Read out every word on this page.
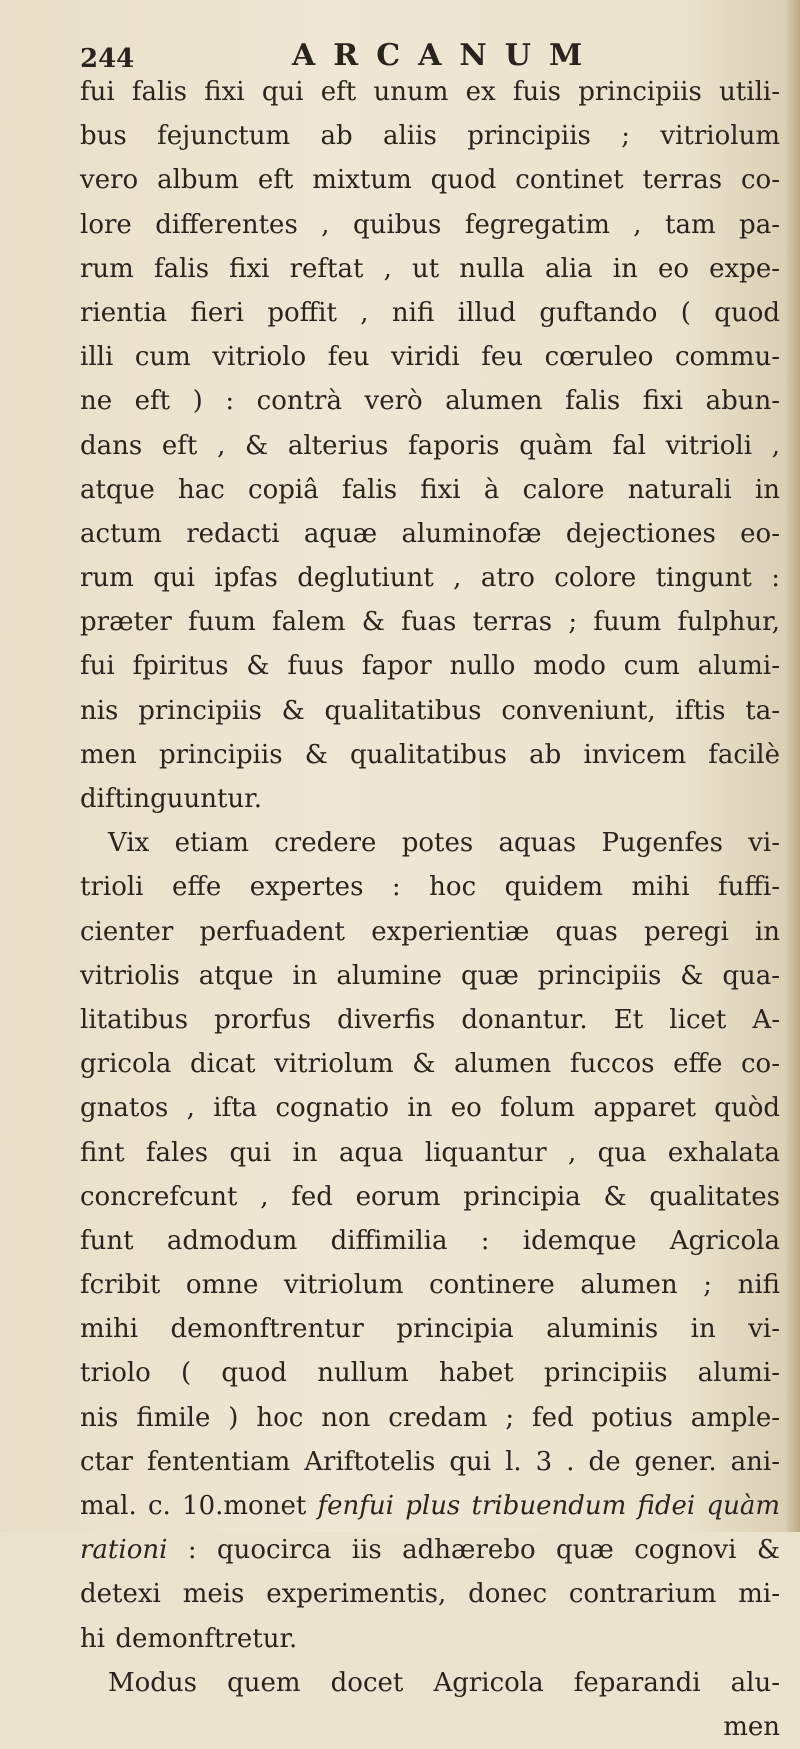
244	ARCANUM
fui falis fixi qui eft unum ex fuis principiis utili-
bus fejunctum ab aliis principiis ; vitriolum
vero album eft mixtum quod continet terras co-
lore differentes , quibus fegregatim , tam pa-
rum falis fixi reftat , ut nulla alia in eo expe-
rientia fieri poffit , nifi illud guftando ( quod
illi cum vitriolo feu viridi feu cœruleo commu-
ne eft ) : contrà verò alumen falis fixi abun-
dans eft , & alterius faporis quàm fal vitrioli ,
atque hac copiâ falis fixi à calore naturali in
actum redacti aquæ aluminofæ dejectiones eo-
rum qui ipfas deglutiunt , atro colore tingunt :
præter fuum falem & fuas terras ; fuum fulphur,
fui fpiritus & fuus fapor nullo modo cum alumi-
nis principiis & qualitatibus conveniunt, iftis ta-
men principiis & qualitatibus ab invicem facilè
diftinguuntur.
Vix etiam credere potes aquas Pugenfes vi-
trioli effe expertes : hoc quidem mihi fuffi-
cienter perfuadent experientiæ quas peregi in
vitriolis atque in alumine quæ principiis & qua-
litatibus prorfus diverfis donantur. Et licet A-
gricola dicat vitriolum & alumen fuccos effe co-
gnatos , ifta cognatio in eo folum apparet quòd
fint fales qui in aqua liquantur , qua exhalata
concrefcunt , fed eorum principia & qualitates
funt admodum diffimilia : idemque Agricola
fcribit omne vitriolum continere alumen ; nifi
mihi demonftrentur principia aluminis in vi-
triolo ( quod nullum habet principiis alumi-
nis fimile ) hoc non credam ; fed potius ample-
ctar fententiam Ariftotelis qui l. 3 . de gener. ani-
mal. c. 10.monet fenfui plus tribuendum fidei quàm
rationi : quocirca iis adhærebo quæ cognovi &
detexi meis experimentis, donec contrarium mi-
hi demonftretur.
Modus quem docet Agricola feparandi alu-
men
